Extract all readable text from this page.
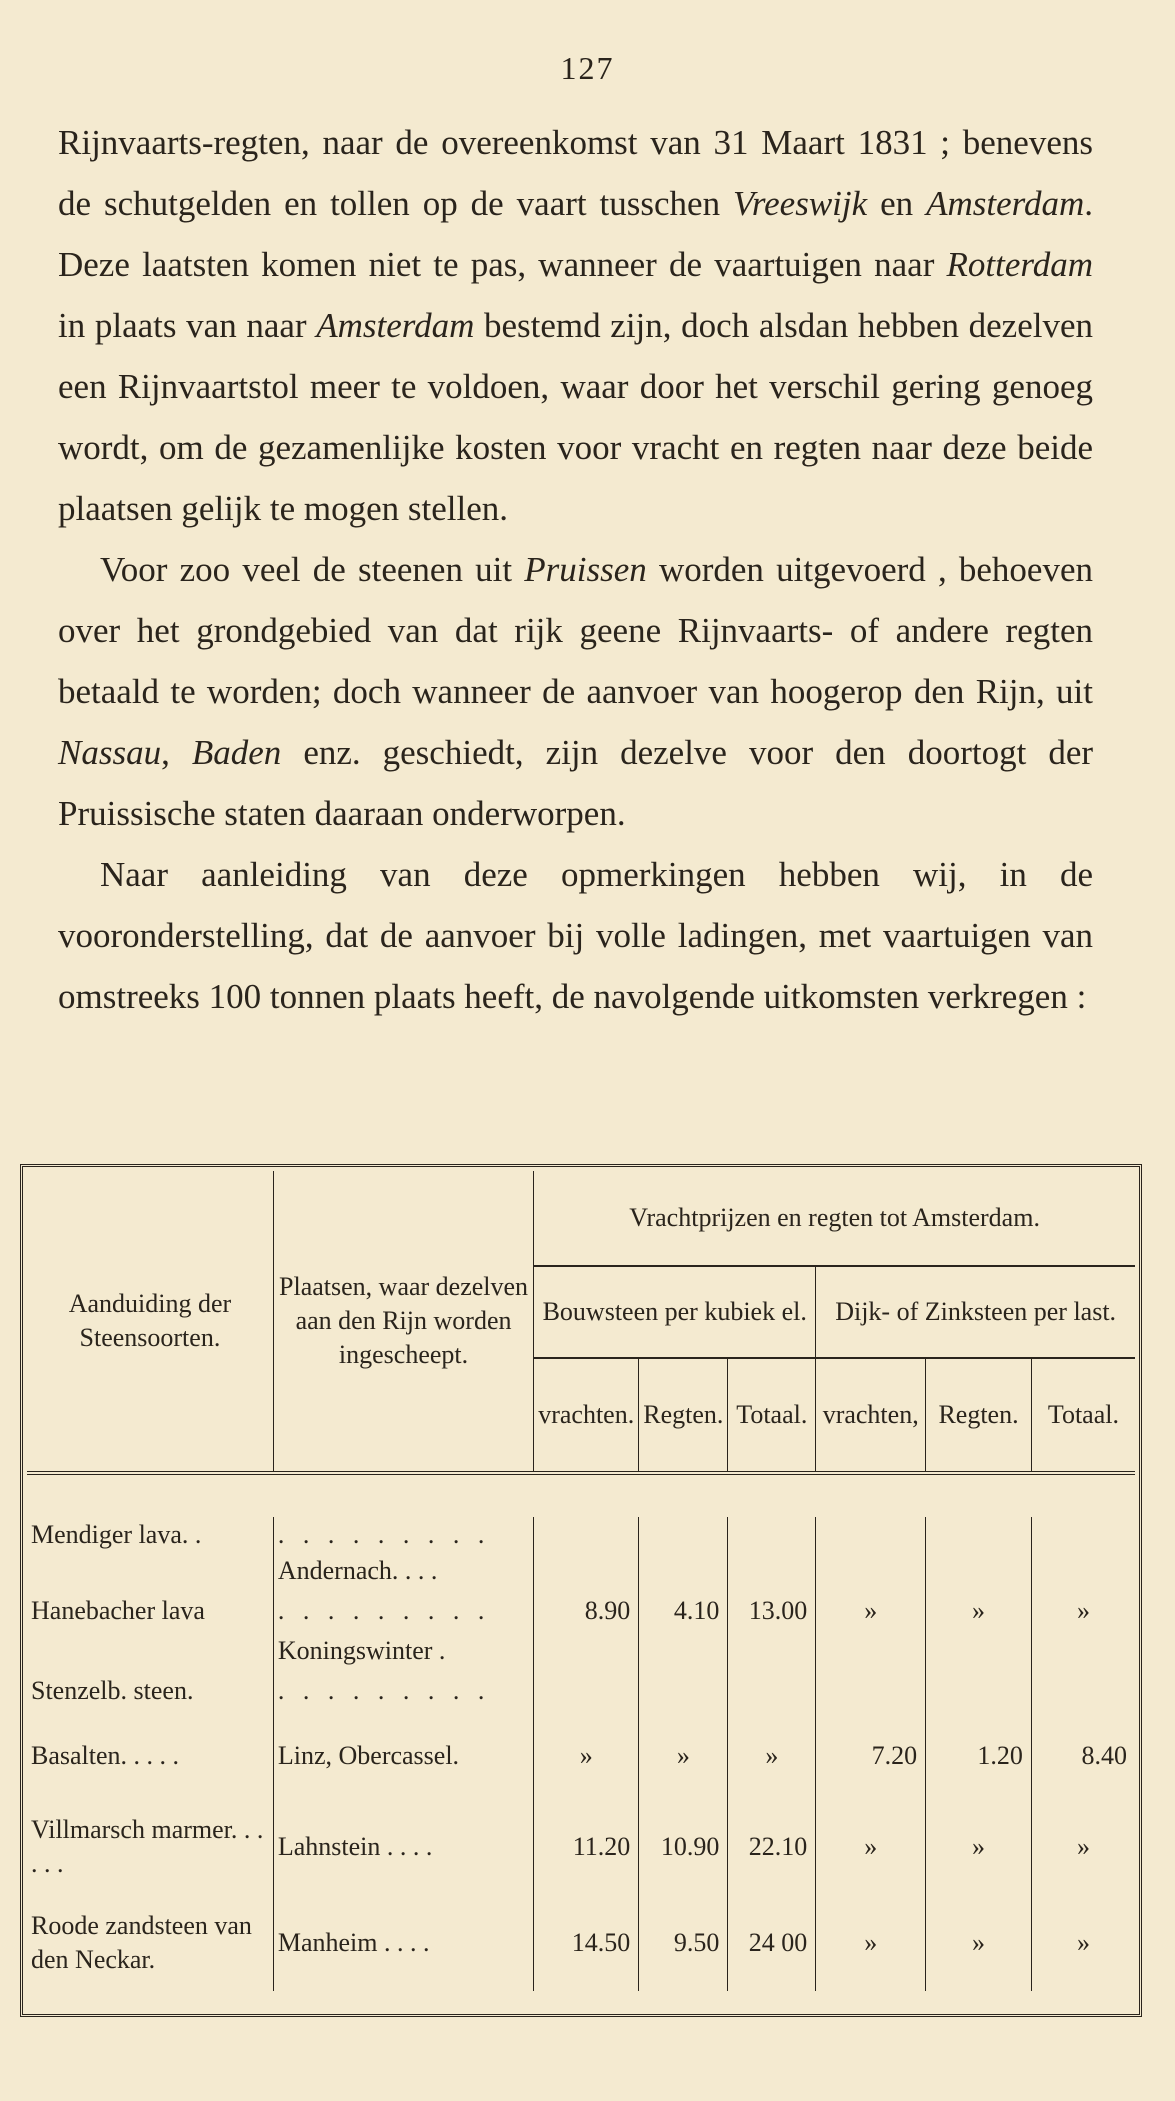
127

Rijnvaarts-regten, naar de overeenkomst van 31 Maart 1831 ; benevens de schutgelden en tollen op de vaart tusschen Vreeswijk en Amsterdam. Deze laatsten komen niet te pas, wanneer de vaartuigen naar Rotterdam in plaats van naar Amsterdam bestemd zijn, doch alsdan hebben dezelven een Rijnvaartstol meer te voldoen, waar door het verschil gering genoeg wordt, om de gezamenlijke kosten voor vracht en regten naar deze beide plaatsen gelijk te mogen stellen.

Voor zoo veel de steenen uit Pruissen worden uitgevoerd , behoeven over het grondgebied van dat rijk geene Rijnvaarts- of andere regten betaald te worden; doch wanneer de aanvoer van hoogerop den Rijn, uit Nassau, Baden enz. geschiedt, zijn dezelve voor den doortogt der Pruissische staten daaraan onderworpen.

Naar aanleiding van deze opmerkingen hebben wij, in de vooronderstelling, dat de aanvoer bij volle ladingen, met vaartuigen van omstreeks 100 tonnen plaats heeft, de navolgende uitkomsten verkregen :

Aanduiding der Steensoorten.	Plaatsen, waar dezelven aan den Rijn worden ingescheept.	Vrachtprijzen en regten tot Amsterdam.					
		Bouwsteen per kubiek el.			Dijk- of Zinksteen per last.		
		vrachten.	Regten.	Totaal.	vrachten,	Regten.	Totaal.

Mendiger lava. .	. . . . . . . . .						
	Andernach. . . .						
Hanebacher lava	. . . . . . . . .	8.90	4.10	13.00	»	»	»
	Koningswinter .						
Stenzelb. steen.	. . . . . . . . .						
Basalten. . . . .	Linz, Obercassel.	»	»	»	7.20	1.20	8.40
Villmarsch marmer. . . . . .	Lahnstein . . . .	11.20	10.90	22.10	»	»	»
Roode zandsteen van den Neckar.	Manheim . . . .	14.50	9.50	24 00	»	»	»
